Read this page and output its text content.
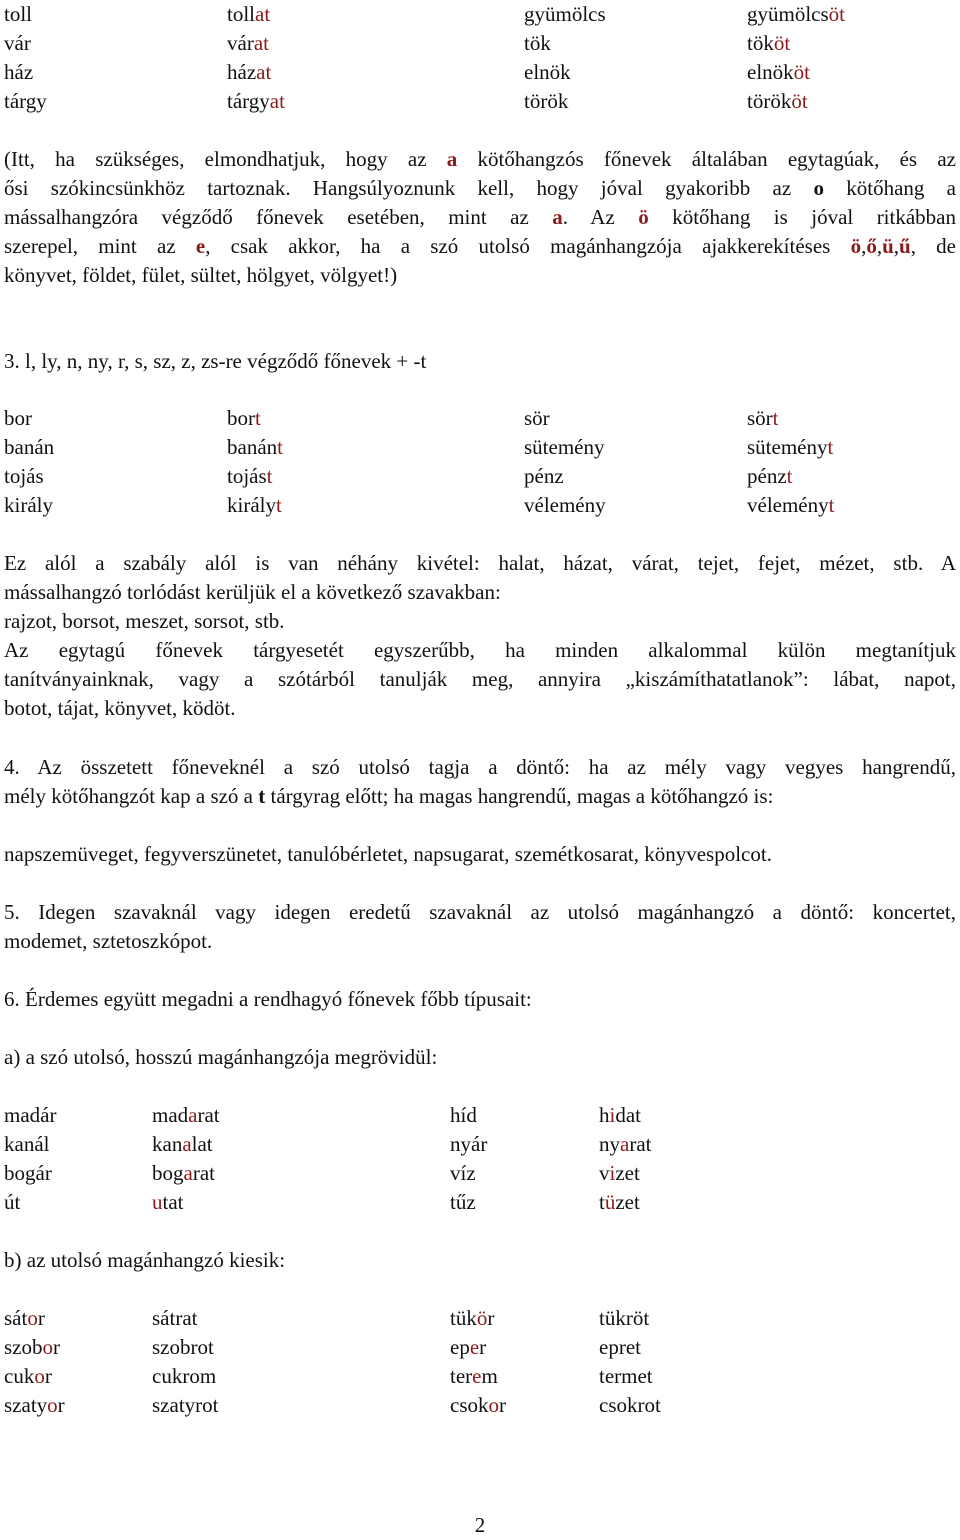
toll	tollat	gyümölcs	gyümölcsöt
vár	várat	tök	tököt
ház	házat	elnök	elnököt
tárgy	tárgyat	török	törököt
(Itt, ha szükséges, elmondhatjuk, hogy az a kötőhangzós főnevek általában egytagúak, és az
ősi szókincsünkhöz tartoznak. Hangsúlyoznunk kell, hogy jóval gyakoribb az o kötőhang a
mássalhangzóra végződő főnevek esetében, mint az a. Az ö kötőhang is jóval ritkábban
szerepel, mint az e, csak akkor, ha a szó utolsó magánhangzója ajakkerekítéses ö,ő,ü,ű, de
könyvet, földet, fület, sültet, hölgyet, völgyet!)
3. l, ly, n, ny, r, s, sz, z, zs-re végződő főnevek + -t
bor	bort	sör	sört
banán	banánt	sütemény	süteményt
tojás	tojást	pénz	pénzt
király	királyt	vélemény	véleményt
Ez alól a szabály alól is van néhány kivétel: halat, házat, várat, tejet, fejet, mézet, stb. A
mássalhangzó torlódást kerüljük el a következő szavakban:
rajzot, borsot, meszet, sorsot, stb.
Az egytagú főnevek tárgyesetét egyszerűbb, ha minden alkalommal külön megtanítjuk
tanítványainknak, vagy a szótárból tanulják meg, annyira „kiszámíthatatlanok”: lábat, napot,
botot, tájat, könyvet, ködöt.
4. Az összetett főneveknél a szó utolsó tagja a döntő: ha az mély vagy vegyes hangrendű,
mély kötőhangzót kap a szó a t tárgyrag előtt; ha magas hangrendű, magas a kötőhangzó is:
napszemüveget, fegyverszünetet, tanulóbérletet, napsugarat, szemétkosarat, könyvespolcot.
5. Idegen szavaknál vagy idegen eredetű szavaknál az utolsó magánhangzó a döntő: koncertet,
modemet, sztetoszkópot.
6. Érdemes együtt megadni a rendhagyó főnevek főbb típusait:
a) a szó utolsó, hosszú magánhangzója megrövidül:
madár	madarat	híd	hidat
kanál	kanalat	nyár	nyarat
bogár	bogarat	víz	vizet
út	utat	tűz	tüzet
b) az utolsó magánhangzó kiesik:
sátor	sátrat	tükör	tükröt
szobor	szobrot	eper	epret
cukor	cukrom	terem	termet
szatyor	szatyrot	csokor	csokrot
2
